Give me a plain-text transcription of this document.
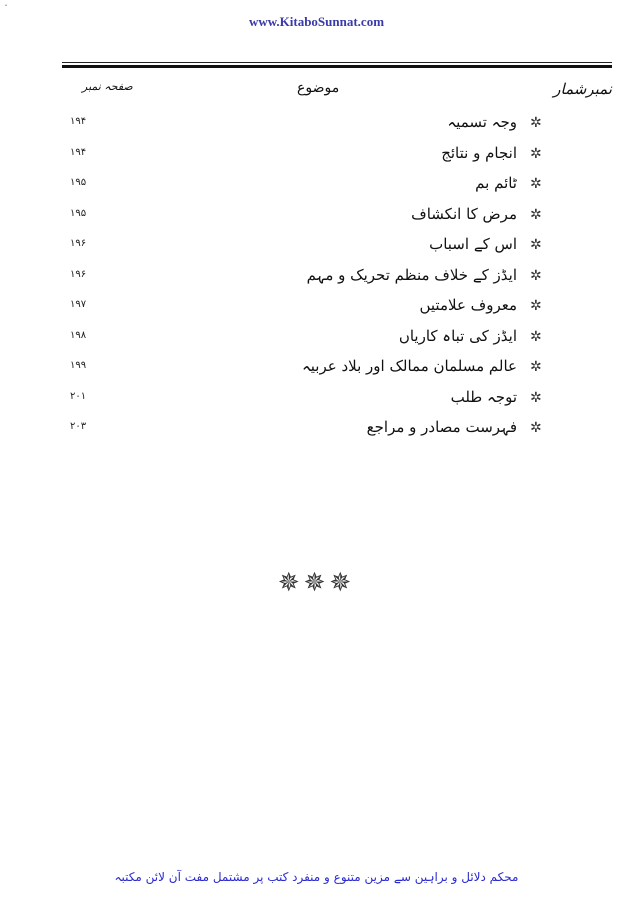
ˇ
www.KitaboSunnat.com
نمبرشمار
موضوع
صفحہ نمبر
✲
وجہ تسمیہ
۱۹۴
✲
انجام و نتائج
۱۹۴
✲
ٹائم بم
۱۹۵
✲
مرض کا انکشاف
۱۹۵
✲
اس کے اسباب
۱۹۶
✲
ایڈز کے خلاف منظم تحریک و مہم
۱۹۶
✲
معروف علامتیں
۱۹۷
✲
ایڈز کی تباہ کاریاں
۱۹۸
✲
عالم مسلمان ممالک اور بلاد عربیہ
۱۹۹
✲
توجہ طلب
۲۰۱
✲
فہرست مصادر و مراجع
۲۰۳
✵✵✵
محکم دلائل و براہین سے مزین متنوع و منفرد کتب پر مشتمل مفت آن لائن مکتبہ
